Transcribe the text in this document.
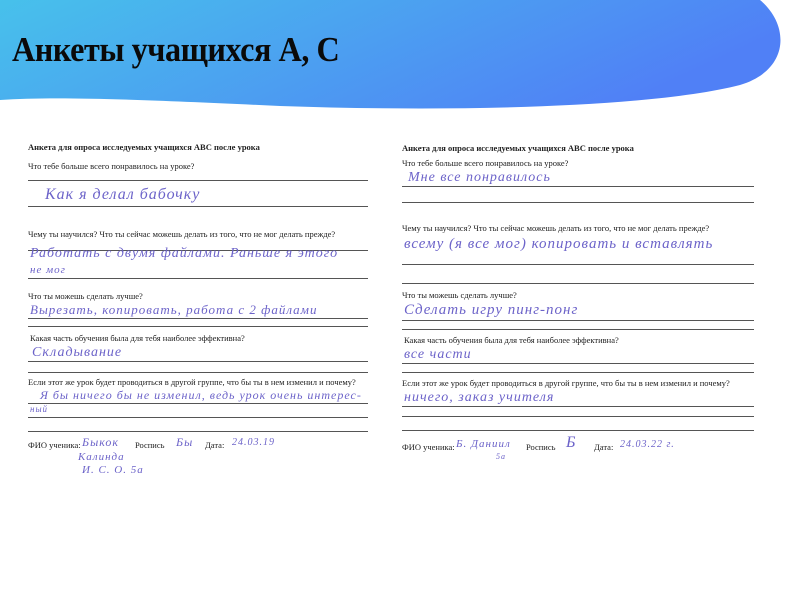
Анкеты учащихся А, С
Анкета для опроса исследуемых учащихся АВС после урока
Что тебе больше всего понравилось на уроке?
Как я делал бабочку
Чему ты научился? Что ты сейчас можешь делать из того, что не мог делать прежде?
Работать с двумя файлами. Раньше я этого
не мог
Что ты можешь сделать лучше?
Вырезать, копировать, работа с 2 файлами
Какая часть обучения была для тебя наиболее эффективна?
Складывание
Если этот же урок будет проводиться в другой группе, что бы ты в нем изменил и почему?
Я бы ничего бы не изменил, ведь урок очень интерес-
ный
ФИО ученика: Быкок
Калинда
И. С. О. 5а
Роспись Бы Дата: 24.03.19
Анкета для опроса исследуемых учащихся АВС после урока
Что тебе больше всего понравилось на уроке?
Мне все понравилось
Чему ты научился? Что ты сейчас можешь делать из того, что не мог делать прежде?
всему (я все мог) копировать и вставлять
Что ты можешь сделать лучше?
Сделать игру пинг-понг
Какая часть обучения была для тебя наиболее эффективна?
все части
Если этот же урок будет проводиться в другой группе, что бы ты в нем изменил и почему?
ничего, заказ учителя
ФИО ученика: Б. Даниил
5а
Роспись Б Дата: 24.03.22 г.
